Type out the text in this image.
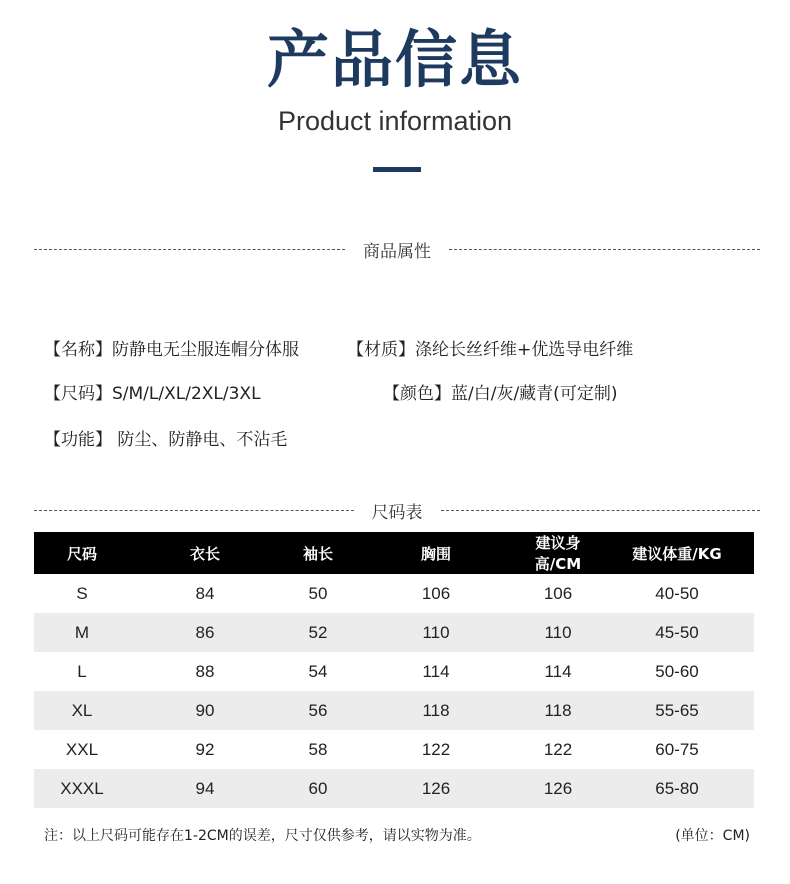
产品信息
Product information
商品属性
【名称】防静电无尘服连帽分体服	【材质】涤纶长丝纤维+优选导电纤维
【尺码】S/M/L/XL/2XL/3XL	【颜色】蓝/白/灰/藏青(可定制)
【功能】 防尘、防静电、不沾毛
尺码表
尺码	衣长	袖长	胸围	建议身高/CM	建议体重/KG
S	84	50	106	106	40-50
M	86	52	110	110	45-50
L	88	54	114	114	50-60
XL	90	56	118	118	55-65
XXL	92	58	122	122	60-75
XXXL	94	60	126	126	65-80
注：以上尺码可能存在1-2CM的误差，尺寸仅供参考，请以实物为准。	(单位：CM)
